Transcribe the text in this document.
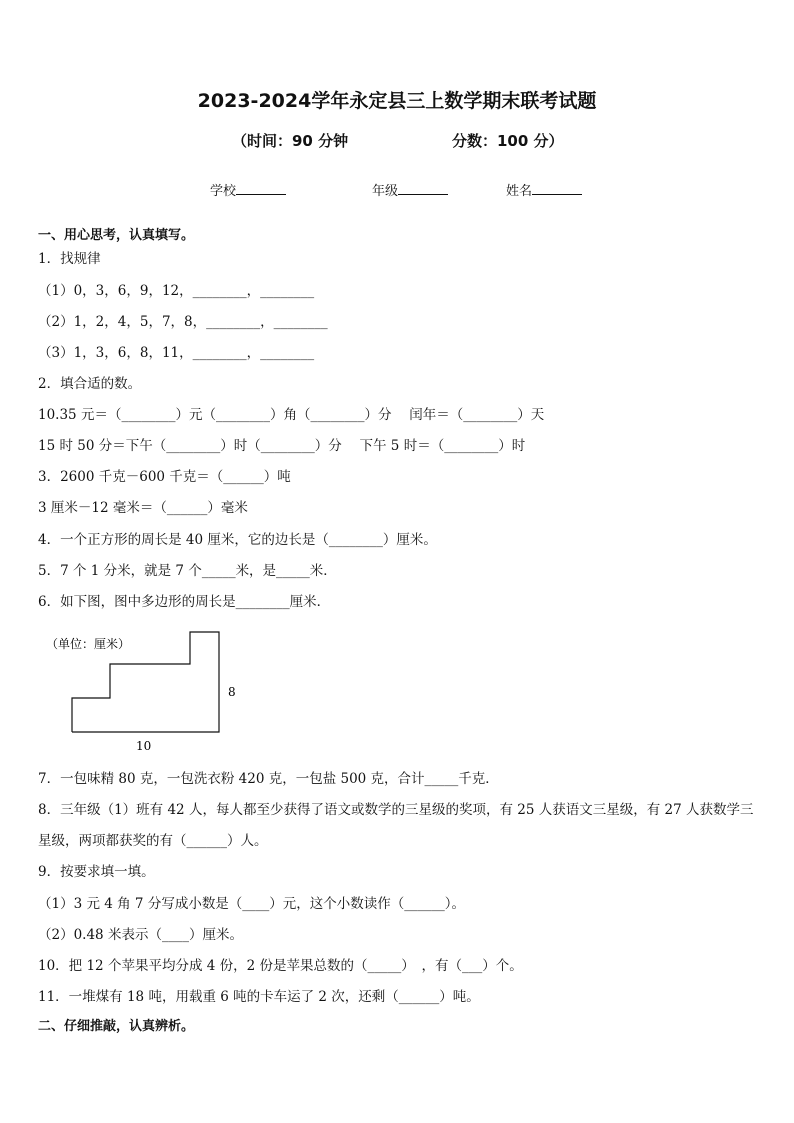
2023-2024学年永定县三上数学期末联考试题
（时间：90 分钟	分数：100 分）
学校	年级	姓名
一、用心思考，认真填写。
1．找规律
（1）0，3，6，9，12，________，________
（2）1，2，4，5，7，8，________，________
（3）1，3，6，8，11，________，________
2．填合适的数。
10.35 元＝（________）元（________）角（________）分　 闰年＝（________）天
15 时 50 分＝下午（________）时（________）分　 下午 5 时＝（________）时
3．2600 千克－600 千克＝（______）吨
3 厘米－12 毫米＝（______）毫米
4．一个正方形的周长是 40 厘米，它的边长是（________）厘米。
5．7 个 1 分米，就是 7 个_____米，是_____米．
6．如下图，图中多边形的周长是________厘米．
（单位：厘米）
8
10
7．一包味精 80 克，一包洗衣粉 420 克，一包盐 500 克，合计_____千克．
8．三年级（1）班有 42 人，每人都至少获得了语文或数学的三星级的奖项，有 25 人获语文三星级，有 27 人获数学三
星级，两项都获奖的有（______）人。
9．按要求填一填。
（1）3 元 4 角 7 分写成小数是（____）元，这个小数读作（______）。
（2）0.48 米表示（____）厘米。
10．把 12 个苹果平均分成 4 份，2 份是苹果总数的（_____）　，有（___）个。
11．一堆煤有 18 吨，用载重 6 吨的卡车运了 2 次，还剩（______）吨。
二、仔细推敲，认真辨析。
